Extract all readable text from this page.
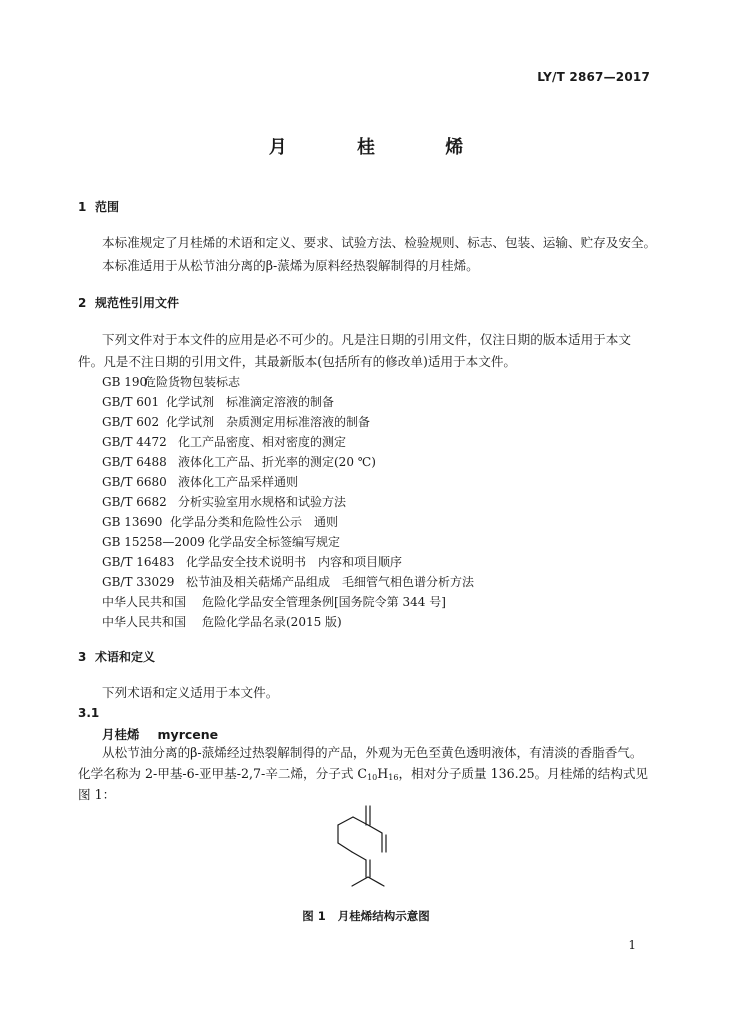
LY/T 2867—2017
月 桂 烯
1 范围
本标准规定了月桂烯的术语和定义、要求、试验方法、检验规则、标志、包装、运输、贮存及安全。
本标准适用于从松节油分离的β-蒎烯为原料经热裂解制得的月桂烯。
2 规范性引用文件
下列文件对于本文件的应用是必不可少的。凡是注日期的引用文件，仅注日期的版本适用于本文
件。凡是不注日期的引用文件，其最新版本(包括所有的修改单)适用于本文件。
GB 190危险货物包装标志
GB/T 601 化学试剂　标准滴定溶液的制备
GB/T 602 化学试剂　杂质测定用标准溶液的制备
GB/T 4472 化工产品密度、相对密度的测定
GB/T 6488 液体化工产品、折光率的测定(20 ℃)
GB/T 6680 液体化工产品采样通则
GB/T 6682 分析实验室用水规格和试验方法
GB 13690 化学品分类和危险性公示　通则
GB 15258—2009 化学品安全标签编写规定
GB/T 16483 化学品安全技术说明书　内容和项目顺序
GB/T 33029 松节油及相关萜烯产品组成　毛细管气相色谱分析方法
中华人民共和国 危险化学品安全管理条例[国务院令第 344 号]
中华人民共和国 危险化学品名录(2015 版)
3 术语和定义
下列术语和定义适用于本文件。
3.1
月桂烯 myrcene
从松节油分离的β-蒎烯经过热裂解制得的产品，外观为无色至黄色透明液体，有清淡的香脂香气。
化学名称为 2-甲基-6-亚甲基-2,7-辛二烯，分子式 $C_{10}H_{16}$，相对分子质量 136.25。月桂烯的结构式见
图 1：
图 1 月桂烯结构示意图
1
